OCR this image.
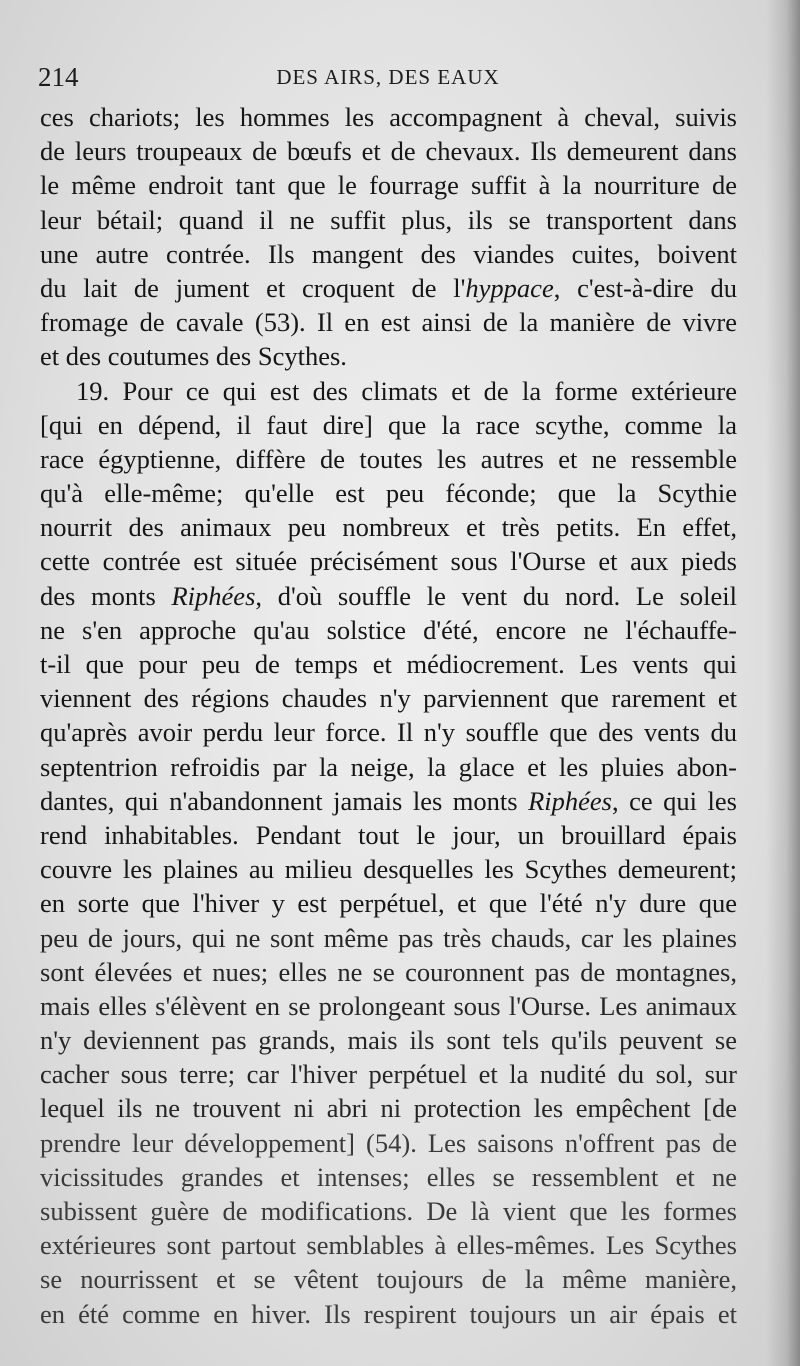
214	DES AIRS, DES EAUX
ces chariots; les hommes les accompagnent à cheval, suivis
de leurs troupeaux de bœufs et de chevaux. Ils demeurent dans
le même endroit tant que le fourrage suffit à la nourriture de
leur bétail; quand il ne suffit plus, ils se transportent dans
une autre contrée. Ils mangent des viandes cuites, boivent
du lait de jument et croquent de l'hyppace, c'est-à-dire du
fromage de cavale (53). Il en est ainsi de la manière de vivre
et des coutumes des Scythes.
19. Pour ce qui est des climats et de la forme extérieure
[qui en dépend, il faut dire] que la race scythe, comme la
race égyptienne, diffère de toutes les autres et ne ressemble
qu'à elle-même; qu'elle est peu féconde; que la Scythie
nourrit des animaux peu nombreux et très petits. En effet,
cette contrée est située précisément sous l'Ourse et aux pieds
des monts Riphées, d'où souffle le vent du nord. Le soleil
ne s'en approche qu'au solstice d'été, encore ne l'échauffe-
t-il que pour peu de temps et médiocrement. Les vents qui
viennent des régions chaudes n'y parviennent que rarement et
qu'après avoir perdu leur force. Il n'y souffle que des vents du
septentrion refroidis par la neige, la glace et les pluies abon-
dantes, qui n'abandonnent jamais les monts Riphées, ce qui les
rend inhabitables. Pendant tout le jour, un brouillard épais
couvre les plaines au milieu desquelles les Scythes demeurent;
en sorte que l'hiver y est perpétuel, et que l'été n'y dure que
peu de jours, qui ne sont même pas très chauds, car les plaines
sont élevées et nues; elles ne se couronnent pas de montagnes,
mais elles s'élèvent en se prolongeant sous l'Ourse. Les animaux
n'y deviennent pas grands, mais ils sont tels qu'ils peuvent se
cacher sous terre; car l'hiver perpétuel et la nudité du sol, sur
lequel ils ne trouvent ni abri ni protection les empêchent [de
prendre leur développement] (54). Les saisons n'offrent pas de
vicissitudes grandes et intenses; elles se ressemblent et ne
subissent guère de modifications. De là vient que les formes
extérieures sont partout semblables à elles-mêmes. Les Scythes
se nourrissent et se vêtent toujours de la même manière,
en été comme en hiver. Ils respirent toujours un air épais et
